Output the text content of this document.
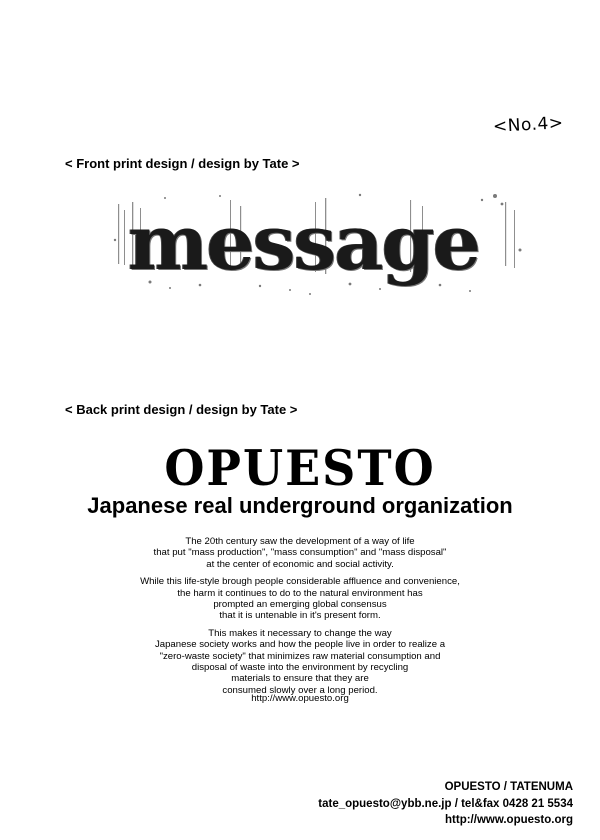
<No.4>
< Front print design / design by Tate >
message
< Back print design / design by Tate >
OPUESTO
Japanese real underground organization

The 20th century saw the development of a way of life
that put "mass production", "mass consumption" and "mass disposal"
at the center of economic and social activity.

While this life-style brough people considerable affluence and convenience,
the harm it continues to do to the natural environment has
prompted an emerging global consensus
that it is untenable in it's present form.

This makes it necessary to change the way
Japanese society works and how the people live in order to realize a
"zero-waste society" that minimizes raw material consumption and
disposal of waste into the environment by recycling
materials to ensure that they are
consumed slowly over a long period.

http://www.opuesto.org
OPUESTO / TATENUMA
tate_opuesto@ybb.ne.jp / tel&fax 0428 21 5534
http://www.opuesto.org
